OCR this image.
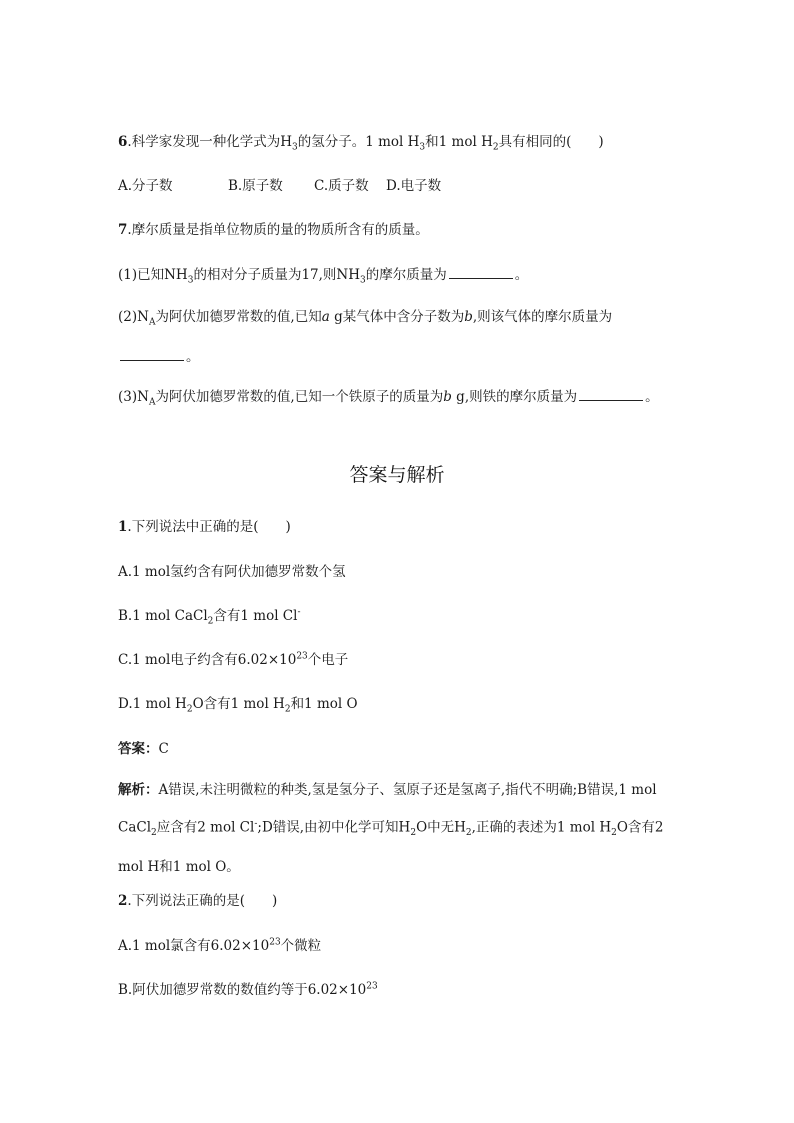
6.科学家发现一种化学式为$H_3$的氢分子。1 mol $H_3$和1 mol $H_2$具有相同的(　　)
A.分子数	B.原子数 C.质子数 D.电子数
7.摩尔质量是指单位物质的量的物质所含有的质量。
(1)已知$NH_3$的相对分子质量为17,则$NH_3$的摩尔质量为	。
$(2)N_A$为阿伏加德罗常数的值,已知a g某气体中含分子数为b,则该气体的摩尔质量为。
$(3)N_A$为阿伏加德罗常数的值,已知一个铁原子的质量为b g,则铁的摩尔质量为	。
答案与解析
1.下列说法中正确的是(　　)
A.1 mol氢约含有阿伏加德罗常数个氢
B.1 mol CaCl$_2$含有1 mol Cl-
C.1 mol电子约含有$6.02\times 10^{23}$个电子
D.1 mol $H_2O$含有1 mol $H_2$和1 mol O
答案：C
解析：A错误,未注明微粒的种类,氢是氢分子、氢原子还是氢离子,指代不明确;B错误,1 mol CaCl$_2$应含有2 mol Cl-;D错误,由初中化学可知$H_2O$中无$H_2$,正确的表述为1 mol $H_2O$含有2 mol H和1 mol O。
2.下列说法正确的是(　　)
A.1 mol氯含有$6.02\times 10^{23}$个微粒
B.阿伏加德罗常数的数值约等于$6.02\times 10^{23}$
